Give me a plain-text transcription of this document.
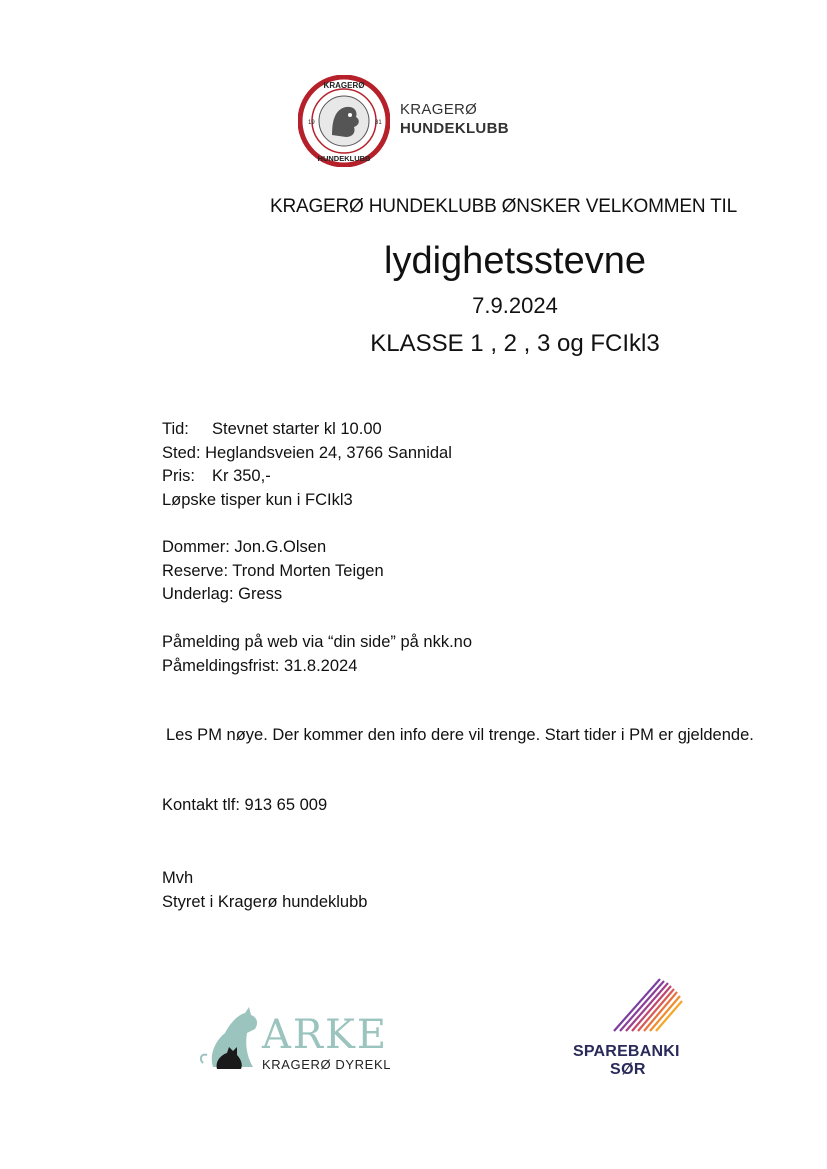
KRAGERØ
HUNDEKLUBB
19	81
KRAGERØ
HUNDEKLUBB
KRAGERØ HUNDEKLUBB ØNSKER VELKOMMEN TIL
lydighetsstevne
7.9.2024
KLASSE 1 , 2 , 3 og FCIkl3
Tid: Stevnet starter kl 10.00
Sted: Heglandsveien 24, 3766 Sannidal
Pris: Kr 350,-
Løpske tisper kun i FCIkl3
Dommer: Jon.G.Olsen
Reserve: Trond Morten Teigen
Underlag: Gress
Påmelding på web via “din side” på nkk.no
Påmeldingsfrist: 31.8.2024
Les PM nøye. Der kommer den info dere vil trenge. Start tider i PM er gjeldende.
Kontakt tlf: 913 65 009
Mvh
Styret i Kragerø hundeklubb
ARKE
KRAGERØ DYREKL
SPAREBANKI
SØR
